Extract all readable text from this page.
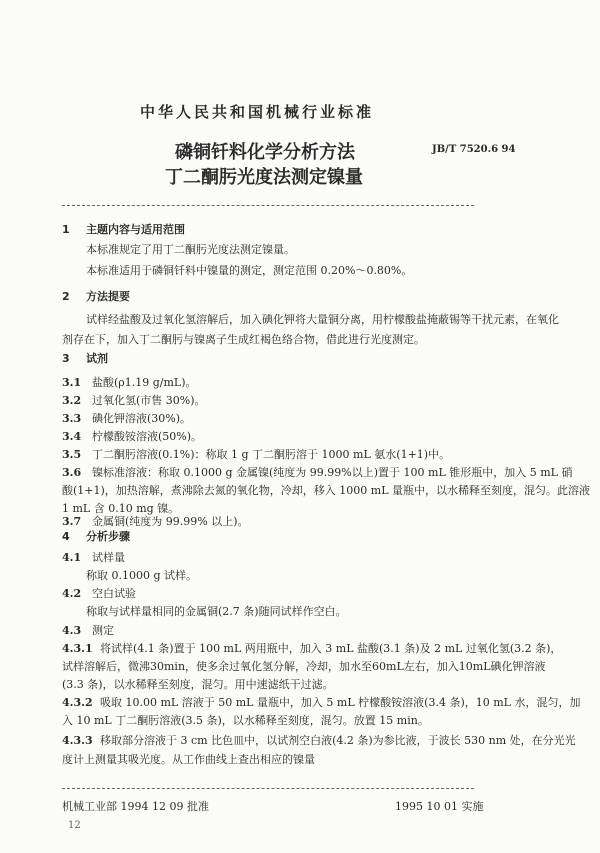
中华人民共和国机械行业标准
JB/T 7520.6 94
磷铜钎料化学分析方法
丁二酮肟光度法测定镍量
1 主题内容与适用范围
本标准规定了用丁二酮肟光度法测定镍量。
本标准适用于磷铜钎料中镍量的测定，测定范围 0.20%～0.80%。
2 方法提要
试样经盐酸及过氧化氢溶解后，加入碘化钾将大量铜分离，用柠檬酸盐掩蔽锡等干扰元素，在氧化
剂存在下，加入丁二酮肟与镍离子生成红褐色络合物，借此进行光度测定。
3 试剂
3.1 盐酸(ρ1.19 g/mL)。
3.2 过氧化氢(市售 30%)。
3.3 碘化钾溶液(30%)。
3.4 柠檬酸铵溶液(50%)。
3.5 丁二酮肟溶液(0.1%)：称取 1 g 丁二酮肟溶于 1000 mL 氨水(1+1)中。
3.6 镍标准溶液：称取 0.1000 g 金属镍(纯度为 99.99%以上)置于 100 mL 锥形瓶中，加入 5 mL 硝
酸(1+1)，加热溶解，煮沸除去氮的氧化物，冷却，移入 1000 mL 量瓶中，以水稀释至刻度，混匀。此溶液
1 mL 含 0.10 mg 镍。
3.7 金属铜(纯度为 99.99% 以上)。
4 分析步骤
4.1 试样量
称取 0.1000 g 试样。
4.2 空白试验
称取与试样量相同的金属铜(2.7 条)随同试样作空白。
4.3 测定
4.3.1 将试样(4.1 条)置于 100 mL 两用瓶中，加入 3 mL 盐酸(3.1 条)及 2 mL 过氧化氢(3.2 条)，
试样溶解后，微沸30min，使多余过氧化氢分解，冷却，加水至60mL左右，加入10mL碘化钾溶液
(3.3 条)，以水稀释至刻度，混匀。用中速滤纸干过滤。
4.3.2 吸取 10.00 mL 溶液于 50 mL 量瓶中，加入 5 mL 柠檬酸铵溶液(3.4 条)，10 mL 水，混匀，加
入 10 mL 丁二酮肟溶液(3.5 条)，以水稀释至刻度，混匀。放置 15 min。
4.3.3 移取部分溶液于 3 cm 比色皿中，以试剂空白液(4.2 条)为参比液，于波长 530 nm 处，在分光光
度计上测量其吸光度。从工作曲线上查出相应的镍量
机械工业部 1994 12 09 批准	1995 10 01 实施
12
